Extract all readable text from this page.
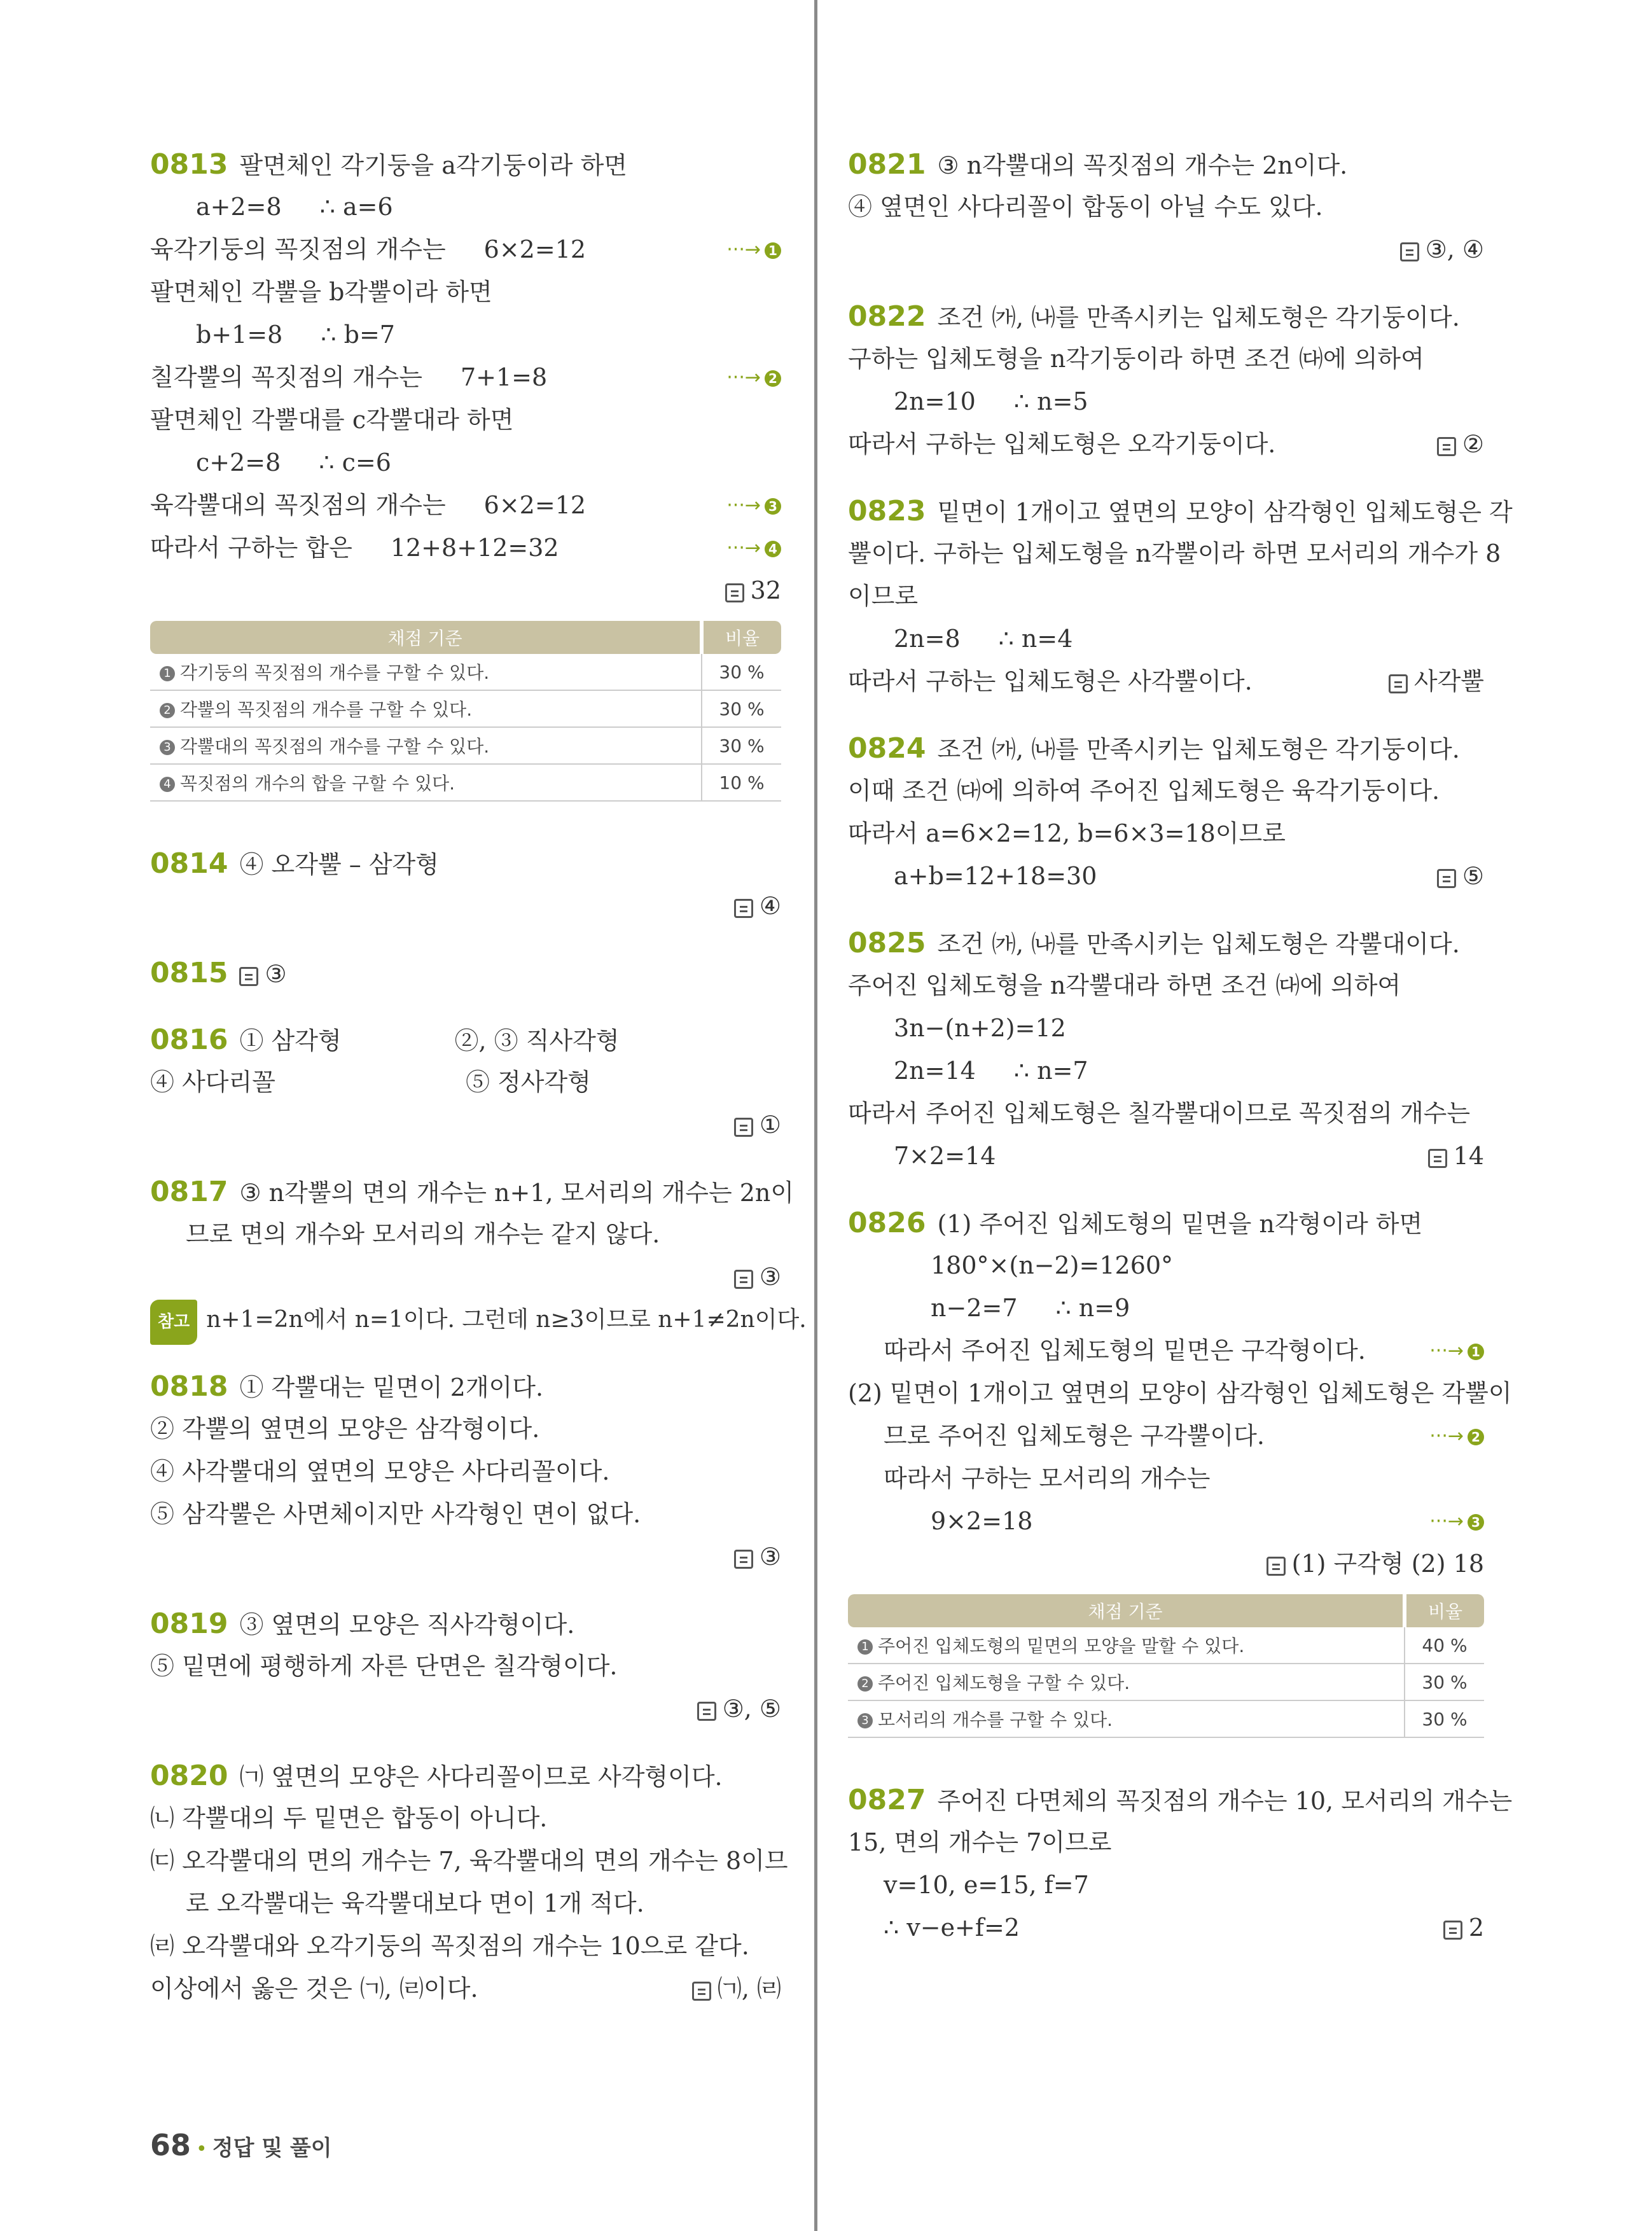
0813 팔면체인 각기둥을 a각기둥이라 하면
a+2=8 ∴ a=6
육각기둥의 꼭짓점의 개수는 6×2=12	···→ 1
팔면체인 각뿔을 b각뿔이라 하면
b+1=8 ∴ b=7
칠각뿔의 꼭짓점의 개수는 7+1=8	···→ 2
팔면체인 각뿔대를 c각뿔대라 하면
c+2=8 ∴ c=6
육각뿔대의 꼭짓점의 개수는 6×2=12	···→ 3
따라서 구하는 합은 12+8+12=32	···→ 4
32
채점 기준	비율
1 각기둥의 꼭짓점의 개수를 구할 수 있다.	30 %
2 각뿔의 꼭짓점의 개수를 구할 수 있다.	30 %
3 각뿔대의 꼭짓점의 개수를 구할 수 있다.	30 %
4 꼭짓점의 개수의 합을 구할 수 있다.	10 %
0814 ④ 오각뿔 – 삼각형
④
0815 ③
0816 ① 삼각형	②, ③ 직사각형
④ 사다리꼴	⑤ 정사각형
①
0817 ③ n각뿔의 면의 개수는 n+1, 모서리의 개수는 2n이
므로 면의 개수와 모서리의 개수는 같지 않다.
③
참고 n+1=2n에서 n=1이다. 그런데 n≥3이므로 n+1≠2n이다.
0818 ① 각뿔대는 밑면이 2개이다.
② 각뿔의 옆면의 모양은 삼각형이다.
④ 사각뿔대의 옆면의 모양은 사다리꼴이다.
⑤ 삼각뿔은 사면체이지만 사각형인 면이 없다.
③
0819 ③ 옆면의 모양은 직사각형이다.
⑤ 밑면에 평행하게 자른 단면은 칠각형이다.
③, ⑤
0820 ㈀ 옆면의 모양은 사다리꼴이므로 사각형이다.
㈁ 각뿔대의 두 밑면은 합동이 아니다.
㈂ 오각뿔대의 면의 개수는 7, 육각뿔대의 면의 개수는 8이므
로 오각뿔대는 육각뿔대보다 면이 1개 적다.
㈃ 오각뿔대와 오각기둥의 꼭짓점의 개수는 10으로 같다.
이상에서 옳은 것은 ㈀, ㈃이다.	㈀, ㈃
0821 ③ n각뿔대의 꼭짓점의 개수는 2n이다.
④ 옆면인 사다리꼴이 합동이 아닐 수도 있다.
③, ④
0822 조건 ㈎, ㈏를 만족시키는 입체도형은 각기둥이다.
구하는 입체도형을 n각기둥이라 하면 조건 ㈐에 의하여
2n=10 ∴ n=5
따라서 구하는 입체도형은 오각기둥이다.	②
0823 밑면이 1개이고 옆면의 모양이 삼각형인 입체도형은 각
뿔이다. 구하는 입체도형을 n각뿔이라 하면 모서리의 개수가 8
이므로
2n=8 ∴ n=4
따라서 구하는 입체도형은 사각뿔이다.	사각뿔
0824 조건 ㈎, ㈏를 만족시키는 입체도형은 각기둥이다.
이때 조건 ㈐에 의하여 주어진 입체도형은 육각기둥이다.
따라서 a=6×2=12, b=6×3=18이므로
a+b=12+18=30	⑤
0825 조건 ㈎, ㈏를 만족시키는 입체도형은 각뿔대이다.
주어진 입체도형을 n각뿔대라 하면 조건 ㈐에 의하여
3n−(n+2)=12
2n=14 ∴ n=7
따라서 주어진 입체도형은 칠각뿔대이므로 꼭짓점의 개수는
7×2=14	14
0826 (1) 주어진 입체도형의 밑면을 n각형이라 하면
180°×(n−2)=1260°
n−2=7 ∴ n=9
따라서 주어진 입체도형의 밑면은 구각형이다.	···→ 1
(2) 밑면이 1개이고 옆면의 모양이 삼각형인 입체도형은 각뿔이
므로 주어진 입체도형은 구각뿔이다.	···→ 2
따라서 구하는 모서리의 개수는
9×2=18	···→ 3
(1) 구각형 (2) 18
채점 기준	비율
1 주어진 입체도형의 밑면의 모양을 말할 수 있다.	40 %
2 주어진 입체도형을 구할 수 있다.	30 %
3 모서리의 개수를 구할 수 있다.	30 %
0827 주어진 다면체의 꼭짓점의 개수는 10, 모서리의 개수는
15, 면의 개수는 7이므로
v=10, e=15, f=7
∴ v−e+f=2	2
68 • 정답 및 풀이
